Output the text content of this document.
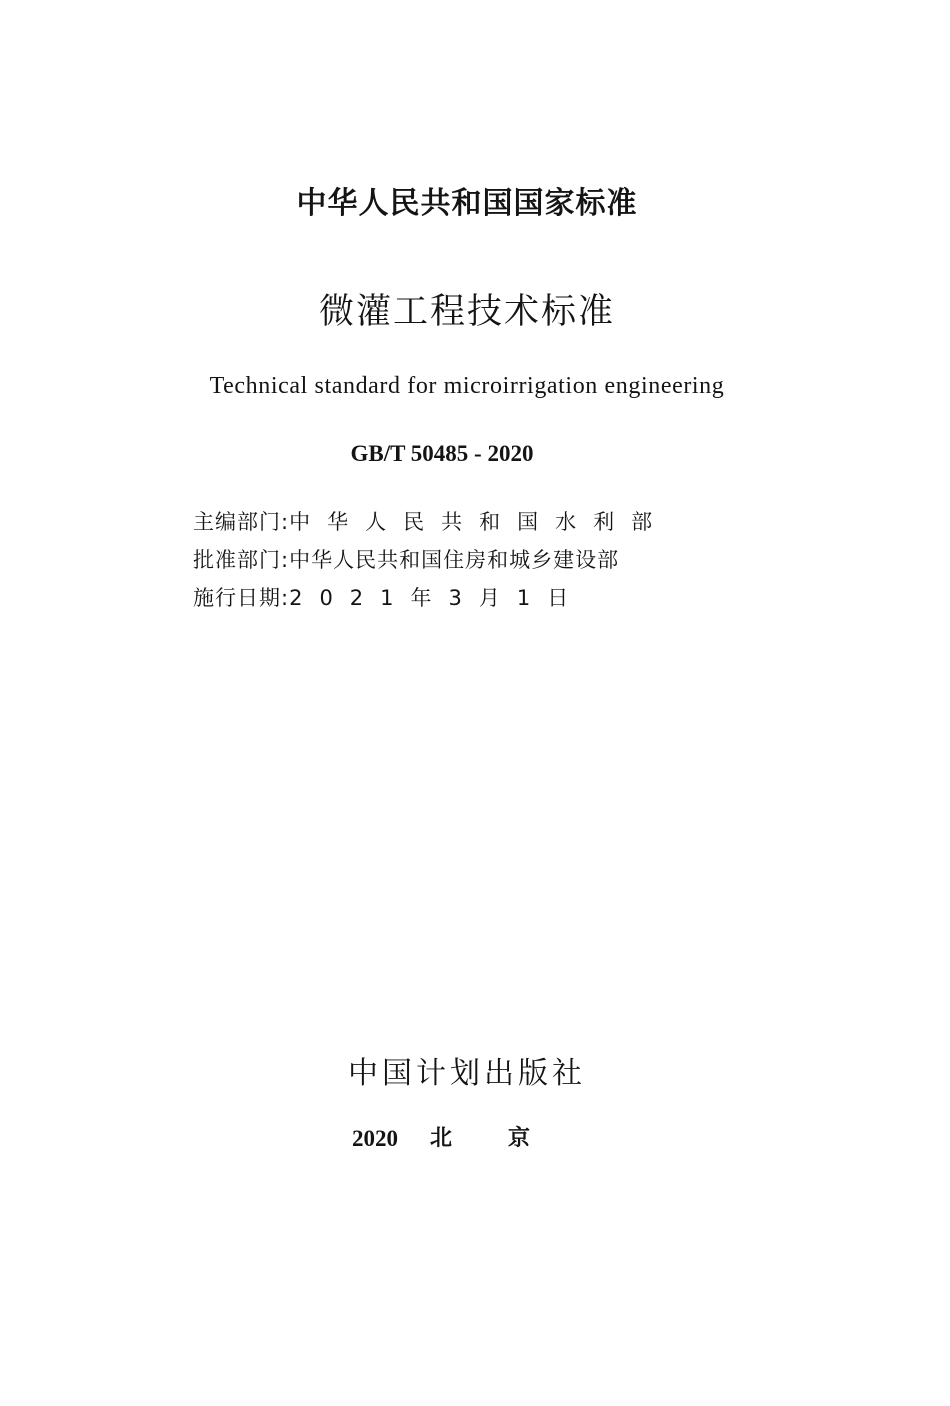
中华人民共和国国家标准
微灌工程技术标准
Technical standard for microirrigation engineering
GB/T 50485 - 2020
主编部门:中华人民共和国水利部
批准部门:中华人民共和国住房和城乡建设部
施行日期:2021年3月1日
中国计划出版社
2020 北京
